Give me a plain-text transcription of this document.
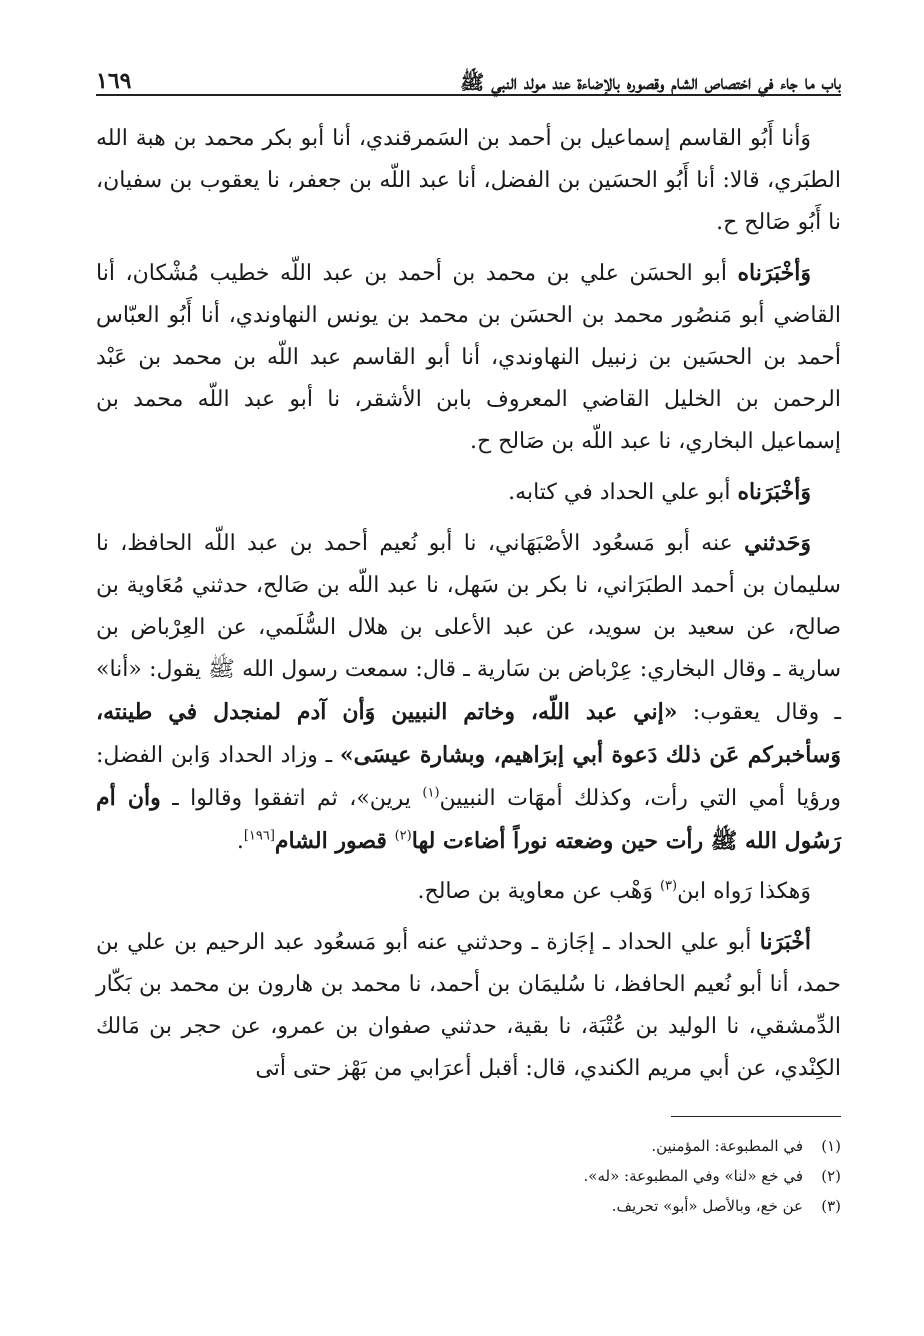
باب ما جاء في اختصاص الشام وقصوره بالإضاءة عند مولد النبي ﷺ
١٦٩

وَأنا أَبُو القاسم إسماعيل بن أحمد بن السَمرقندي، أنا أبو بكر محمد بن هبة الله الطبَري، قالا: أنا أَبُو الحسَين بن الفضل، أنا عبد اللّه بن جعفر، نا يعقوب بن سفيان، نا أَبُو صَالح ح.

وَأخْبَرَناه أبو الحسَن علي بن محمد بن أحمد بن عبد اللّه خطيب مُشْكان، أنا القاضي أبو مَنصُور محمد بن الحسَن بن محمد بن يونس النهاوندي، أنا أَبُو العبّاس أحمد بن الحسَين بن زنبيل النهاوندي، أنا أبو القاسم عبد اللّه بن محمد بن عَبْد الرحمن بن الخليل القاضي المعروف بابن الأشقر، نا أبو عبد اللّه محمد بن إسماعيل البخاري، نا عبد اللّه بن صَالح ح.

وَأخْبَرَناه أبو علي الحداد في كتابه.

وَحَدثني عنه أبو مَسعُود الأصْبَهَاني، نا أبو نُعيم أحمد بن عبد اللّه الحافظ، نا سليمان بن أحمد الطبَرَاني، نا بكر بن سَهل، نا عبد اللّه بن صَالح، حدثني مُعَاوية بن صالح، عن سعيد بن سويد، عن عبد الأعلى بن هلال السُّلَمي، عن العِرْباض بن سارية ـ وقال البخاري: عِرْباض بن سَارية ـ قال: سمعت رسول الله ﷺ يقول: «أنا» ـ وقال يعقوب: «إني عبد اللّه، وخاتم النبيين وَأن آدم لمنجدل في طينته، وَسأخبركم عَن ذلك دَعوة أبي إبرَاهيم، وبشارة عيسَى» ـ وزاد الحداد وَابن الفضل: ورؤيا أمي التي رأت، وكذلك أمهَات النبيين$^{(١)}$ يرين»، ثم اتفقوا وقالوا ـ وأن أم رَسُول الله ﷺ رأت حين وضعته نوراً أضاءت لها$^{(٢)}$ قصور الشام[١٩٦].

وَهكذا رَواه ابن$^{(٣)}$ وَهْب عن معاوية بن صالح.

أخْبَرَنا أبو علي الحداد ـ إجَازة ـ وحدثني عنه أبو مَسعُود عبد الرحيم بن علي بن حمد، أنا أبو نُعيم الحافظ، نا سُليمَان بن أحمد، نا محمد بن هارون بن محمد بن بَكّار الدِّمشقي، نا الوليد بن عُتْبَة، نا بقية، حدثني صفوان بن عمرو، عن حجر بن مَالك الكِنْدي، عن أبي مريم الكندي، قال: أقبل أعرَابي من بَهْز حتى أتى

(١)
في المطبوعة: المؤمنين.
(٢)
في خع «لنا» وفي المطبوعة: «له».
(٣)
عن خع، وبالأصل «أبو» تحريف.
